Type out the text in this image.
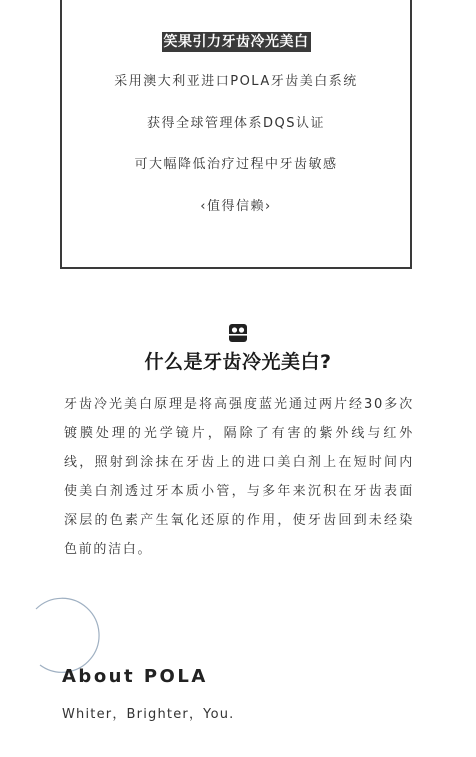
笑果引力牙齿冷光美白
采用澳大利亚进口POLA牙齿美白系统
获得全球管理体系DQS认证
可大幅降低治疗过程中牙齿敏感
‹值得信赖›
什么是牙齿冷光美白?
牙齿冷光美白原理是将高强度蓝光通过两片经30多次镀膜处理的光学镜片，隔除了有害的紫外线与红外线，照射到涂抹在牙齿上的进口美白剂上在短时间内使美白剂透过牙本质小管，与多年来沉积在牙齿表面深层的色素产生氧化还原的作用，使牙齿回到未经染色前的洁白。
About POLA
Whiter，Brighter，You.
